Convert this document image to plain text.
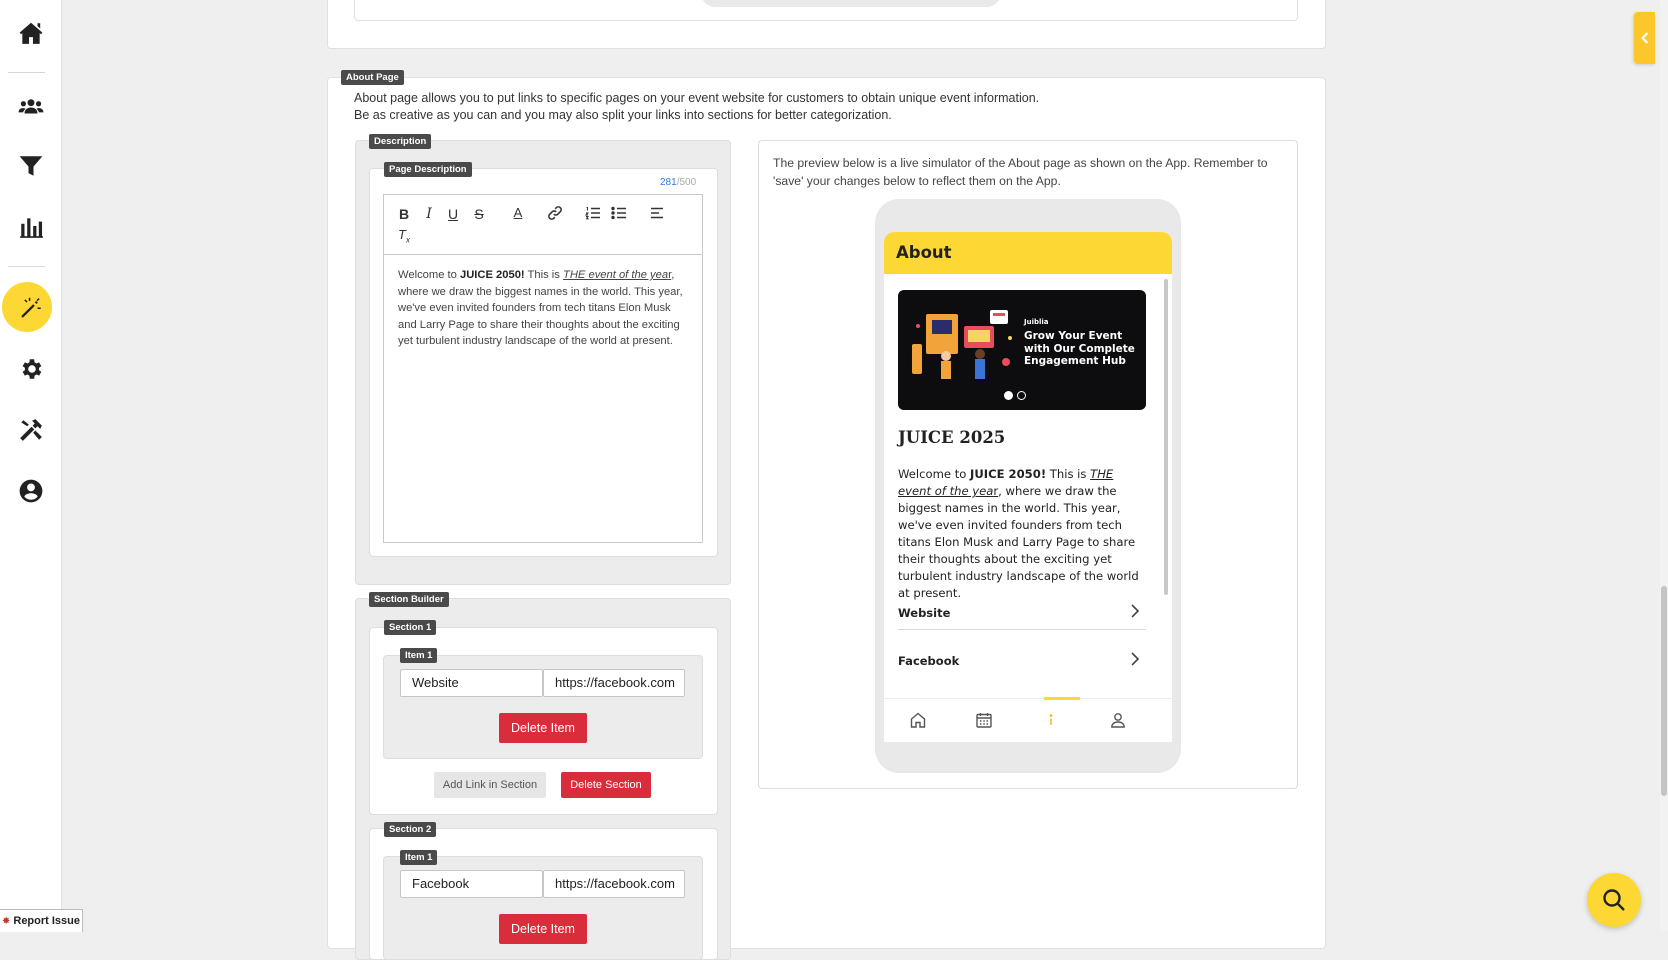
✸ Report Issue
About Page
About page allows you to put links to specific pages on your event website for customers to obtain unique event information.
Be as creative as you can and you may also split your links into sections for better categorization.
Description
Page Description
281/500
B	I	U	S	A
$T_x$
Welcome to JUICE 2050! This is THE event of the year, where we draw the biggest names in the world. This year, we've even invited founders from tech titans Elon Musk and Larry Page to share their thoughts about the exciting yet turbulent industry landscape of the world at present.
Section Builder
Section 1
Item 1
Website	https://facebook.com
Delete Item
Add Link in Section	Delete Section
Section 2
Item 1
Facebook	https://facebook.com
Delete Item
The preview below is a live simulator of the About page as shown on the App. Remember to 'save' your changes below to reflect them on the App.
About
Juiblia
Grow Your Event with Our Complete Engagement Hub
JUICE 2025
Welcome to JUICE 2050! This is THE event of the year, where we draw the biggest names in the world. This year, we've even invited founders from tech titans Elon Musk and Larry Page to share their thoughts about the exciting yet turbulent industry landscape of the world at present.
Website
Facebook
